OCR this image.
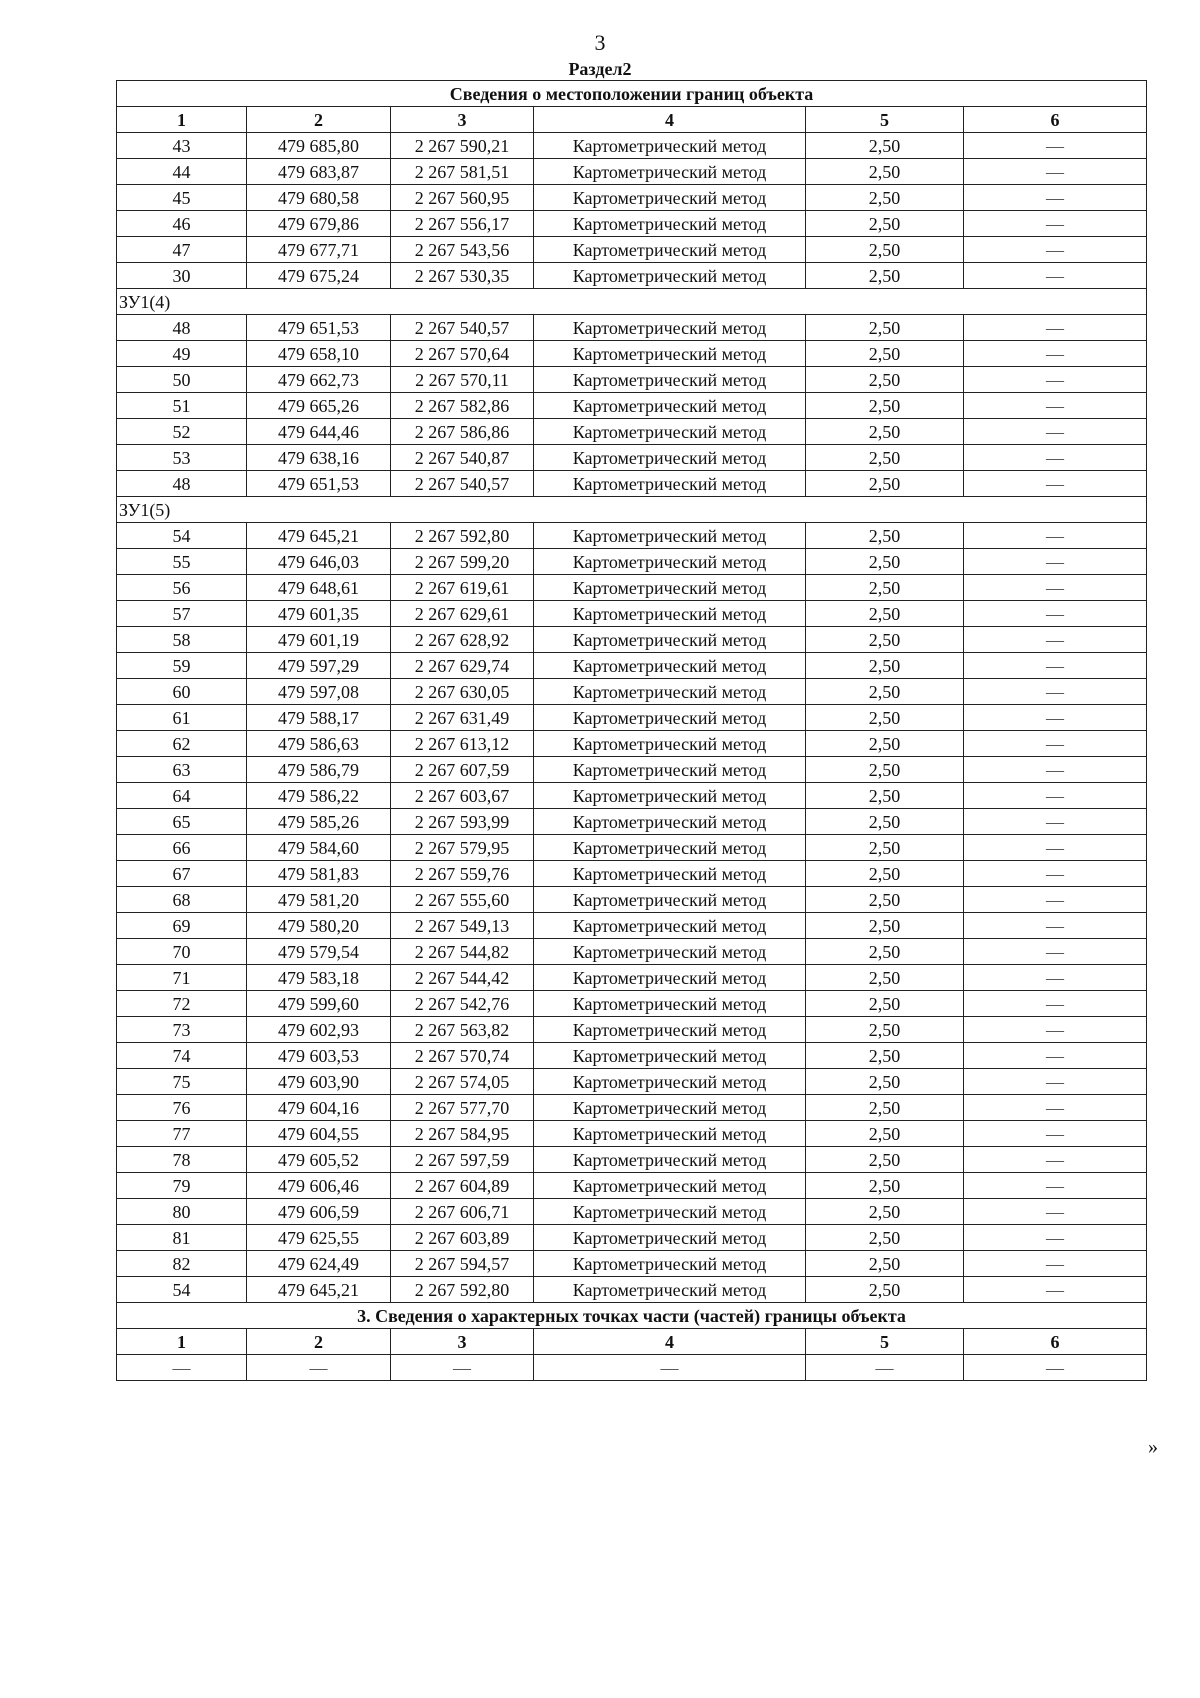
3
Раздел2
Сведения о местоположении границ объекта					
1	2	3	4	5	6
43	479 685,80	2 267 590,21	Картометрический метод	2,50	—
44	479 683,87	2 267 581,51	Картометрический метод	2,50	—
45	479 680,58	2 267 560,95	Картометрический метод	2,50	—
46	479 679,86	2 267 556,17	Картометрический метод	2,50	—
47	479 677,71	2 267 543,56	Картометрический метод	2,50	—
30	479 675,24	2 267 530,35	Картометрический метод	2,50	—
ЗУ1(4)					
48	479 651,53	2 267 540,57	Картометрический метод	2,50	—
49	479 658,10	2 267 570,64	Картометрический метод	2,50	—
50	479 662,73	2 267 570,11	Картометрический метод	2,50	—
51	479 665,26	2 267 582,86	Картометрический метод	2,50	—
52	479 644,46	2 267 586,86	Картометрический метод	2,50	—
53	479 638,16	2 267 540,87	Картометрический метод	2,50	—
48	479 651,53	2 267 540,57	Картометрический метод	2,50	—
ЗУ1(5)					
54	479 645,21	2 267 592,80	Картометрический метод	2,50	—
55	479 646,03	2 267 599,20	Картометрический метод	2,50	—
56	479 648,61	2 267 619,61	Картометрический метод	2,50	—
57	479 601,35	2 267 629,61	Картометрический метод	2,50	—
58	479 601,19	2 267 628,92	Картометрический метод	2,50	—
59	479 597,29	2 267 629,74	Картометрический метод	2,50	—
60	479 597,08	2 267 630,05	Картометрический метод	2,50	—
61	479 588,17	2 267 631,49	Картометрический метод	2,50	—
62	479 586,63	2 267 613,12	Картометрический метод	2,50	—
63	479 586,79	2 267 607,59	Картометрический метод	2,50	—
64	479 586,22	2 267 603,67	Картометрический метод	2,50	—
65	479 585,26	2 267 593,99	Картометрический метод	2,50	—
66	479 584,60	2 267 579,95	Картометрический метод	2,50	—
67	479 581,83	2 267 559,76	Картометрический метод	2,50	—
68	479 581,20	2 267 555,60	Картометрический метод	2,50	—
69	479 580,20	2 267 549,13	Картометрический метод	2,50	—
70	479 579,54	2 267 544,82	Картометрический метод	2,50	—
71	479 583,18	2 267 544,42	Картометрический метод	2,50	—
72	479 599,60	2 267 542,76	Картометрический метод	2,50	—
73	479 602,93	2 267 563,82	Картометрический метод	2,50	—
74	479 603,53	2 267 570,74	Картометрический метод	2,50	—
75	479 603,90	2 267 574,05	Картометрический метод	2,50	—
76	479 604,16	2 267 577,70	Картометрический метод	2,50	—
77	479 604,55	2 267 584,95	Картометрический метод	2,50	—
78	479 605,52	2 267 597,59	Картометрический метод	2,50	—
79	479 606,46	2 267 604,89	Картометрический метод	2,50	—
80	479 606,59	2 267 606,71	Картометрический метод	2,50	—
81	479 625,55	2 267 603,89	Картометрический метод	2,50	—
82	479 624,49	2 267 594,57	Картометрический метод	2,50	—
54	479 645,21	2 267 592,80	Картометрический метод	2,50	—
3. Сведения о характерных точках части (частей) границы объекта					
1	2	3	4	5	6
—	—	—	—	—	—
»
